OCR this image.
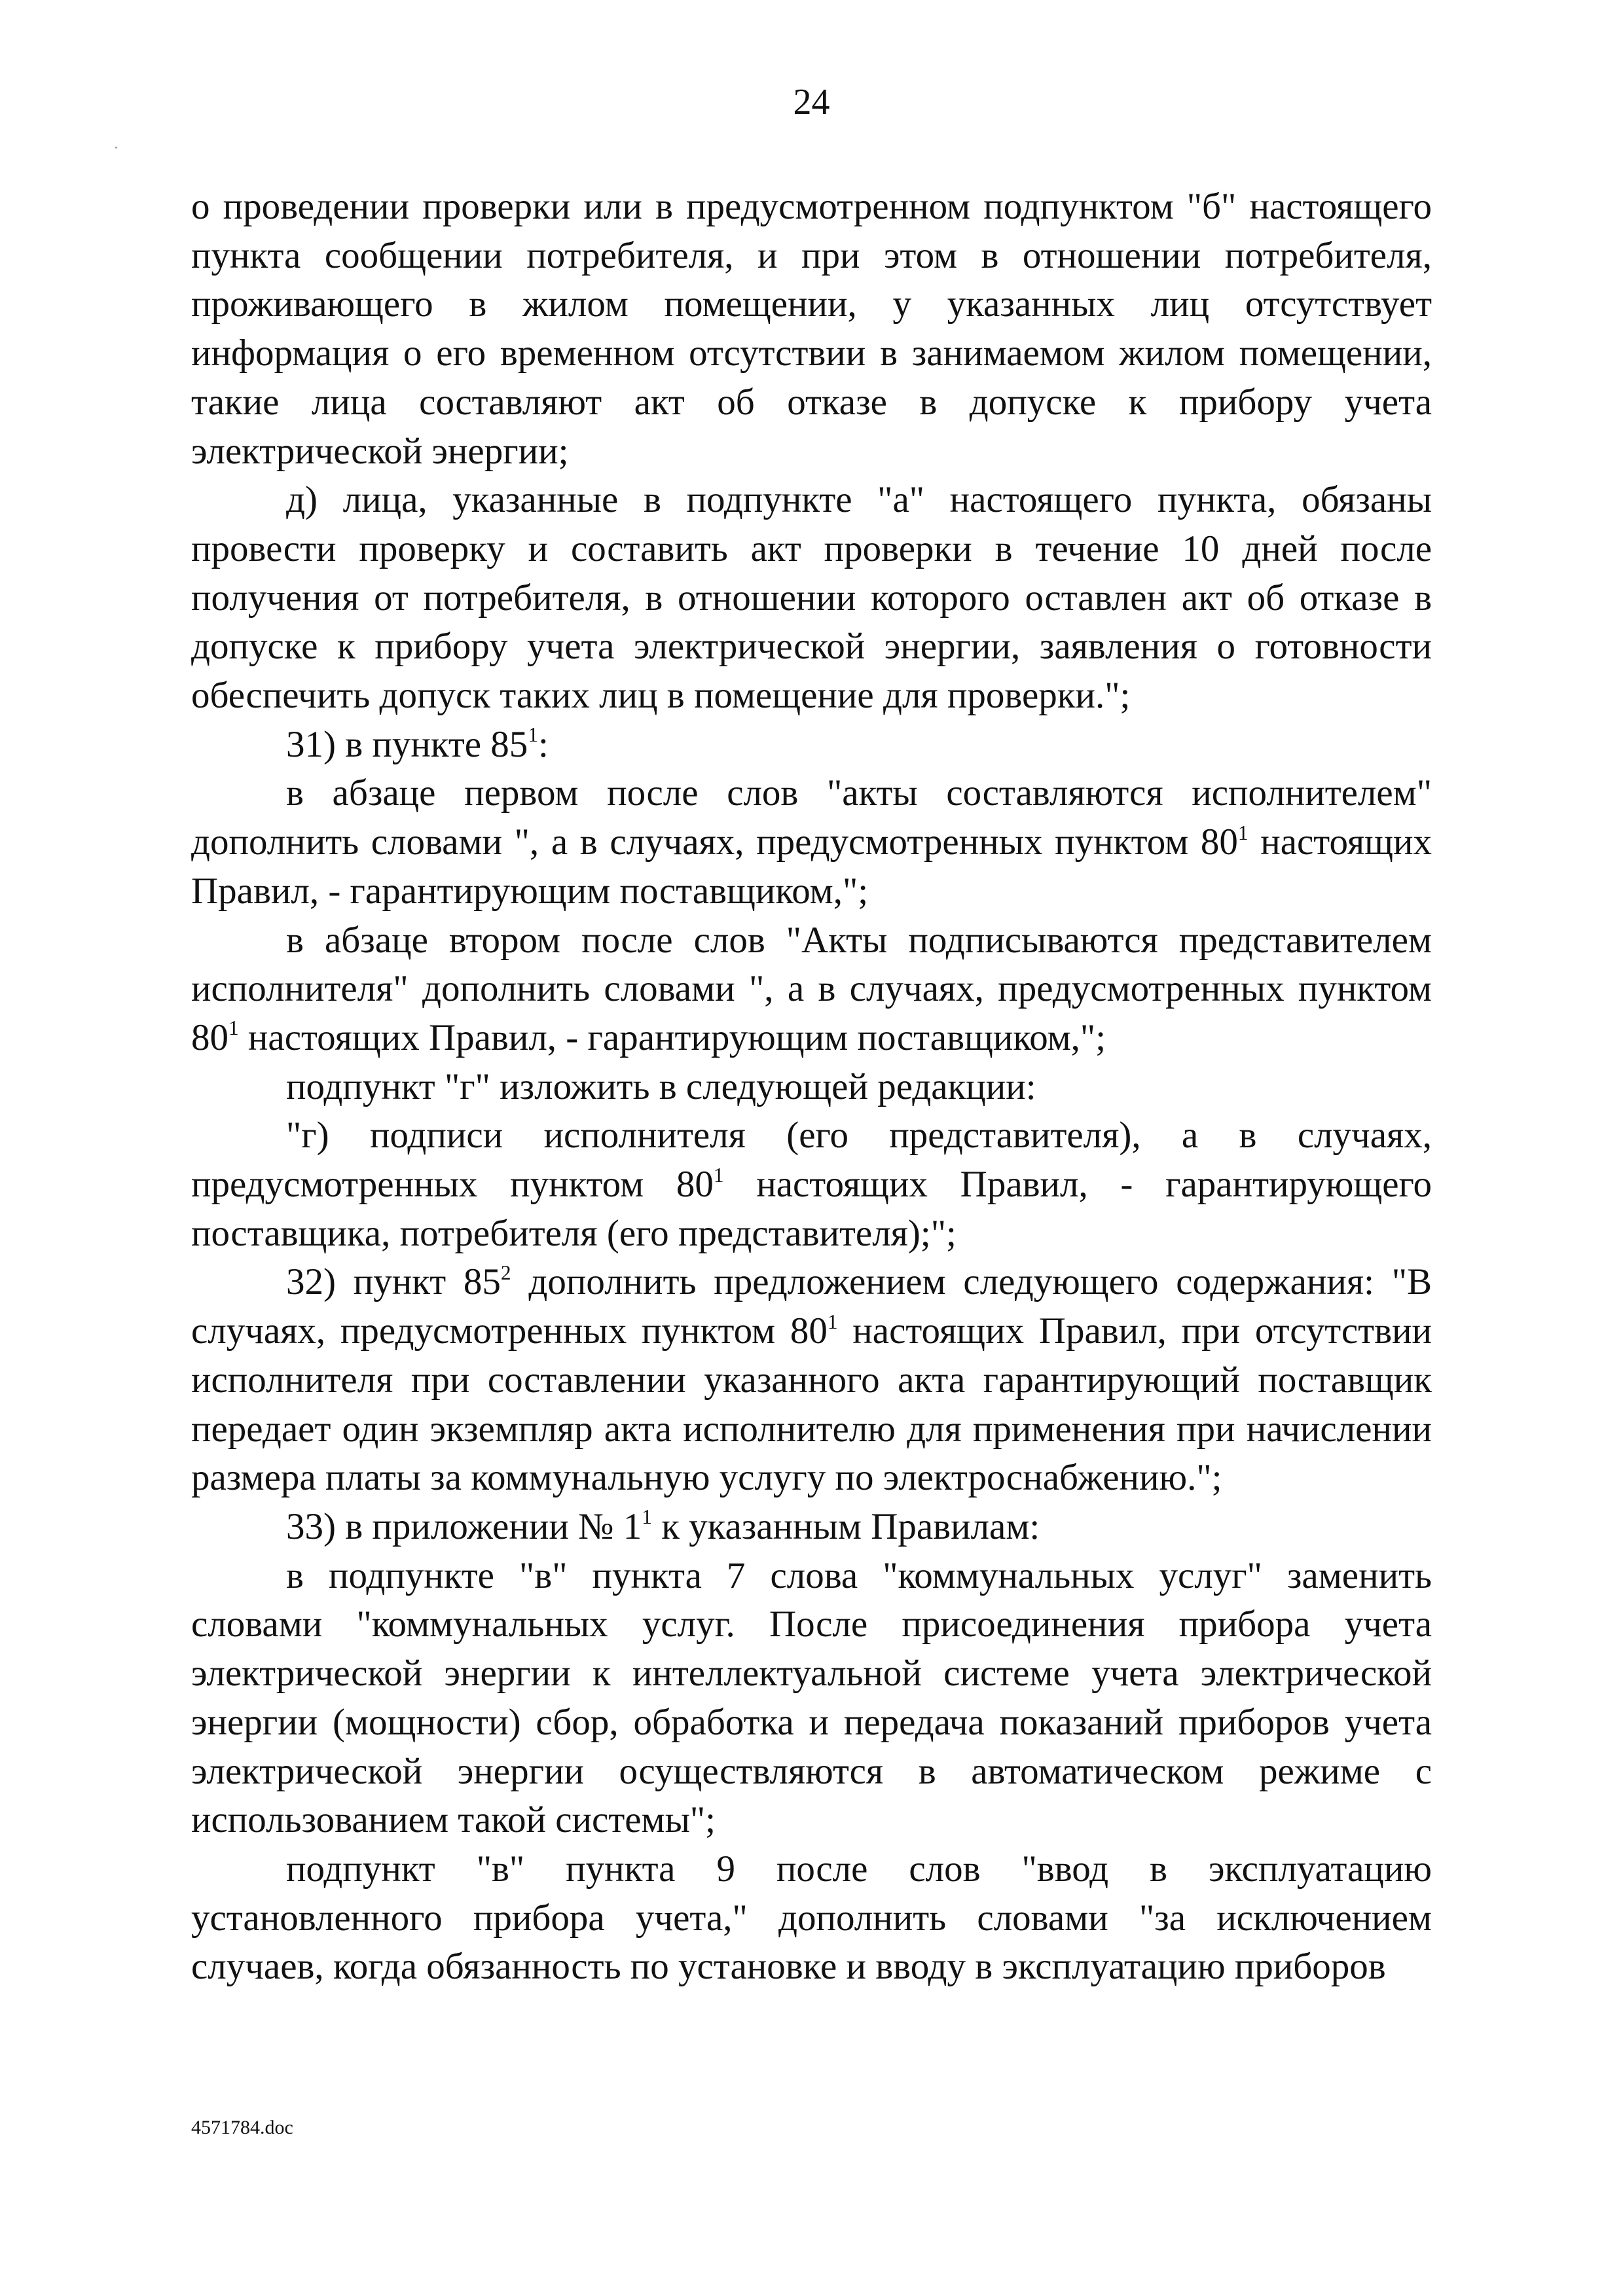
24

о проведении проверки или в предусмотренном подпунктом "б" настоящего пункта сообщении потребителя, и при этом в отношении потребителя, проживающего в жилом помещении, у указанных лиц отсутствует информация о его временном отсутствии в занимаемом жилом помещении, такие лица составляют акт об отказе в допуске к прибору учета электрической энергии;

д) лица, указанные в подпункте "а" настоящего пункта, обязаны провести проверку и составить акт проверки в течение 10 дней после получения от потребителя, в отношении которого оставлен акт об отказе в допуске к прибору учета электрической энергии, заявления о готовности обеспечить допуск таких лиц в помещение для проверки.";

31) в пункте $85^1$:

в абзаце первом после слов "акты составляются исполнителем" дополнить словами ", а в случаях, предусмотренных пунктом $80^1$ настоящих Правил, - гарантирующим поставщиком,";

в абзаце втором после слов "Акты подписываются представителем исполнителя" дополнить словами ", а в случаях, предусмотренных пунктом $80^1$ настоящих Правил, - гарантирующим поставщиком,";

подпункт "г" изложить в следующей редакции:

"г) подписи исполнителя (его представителя), а в случаях, предусмотренных пунктом $80^1$ настоящих Правил, - гарантирующего поставщика, потребителя (его представителя);";

32) пункт $85^2$ дополнить предложением следующего содержания: "В случаях, предусмотренных пунктом $80^1$ настоящих Правил, при отсутствии исполнителя при составлении указанного акта гарантирующий поставщик передает один экземпляр акта исполнителю для применения при начислении размера платы за коммунальную услугу по электроснабжению.";

33) в приложении № $1^1$ к указанным Правилам:

в подпункте "в" пункта 7 слова "коммунальных услуг" заменить словами "коммунальных услуг. После присоединения прибора учета электрической энергии к интеллектуальной системе учета электрической энергии (мощности) сбор, обработка и передача показаний приборов учета электрической энергии осуществляются в автоматическом режиме с использованием такой системы";

подпункт "в" пункта 9 после слов "ввод в эксплуатацию установленного прибора учета," дополнить словами "за исключением случаев, когда обязанность по установке и вводу в эксплуатацию приборов

4571784.doc
